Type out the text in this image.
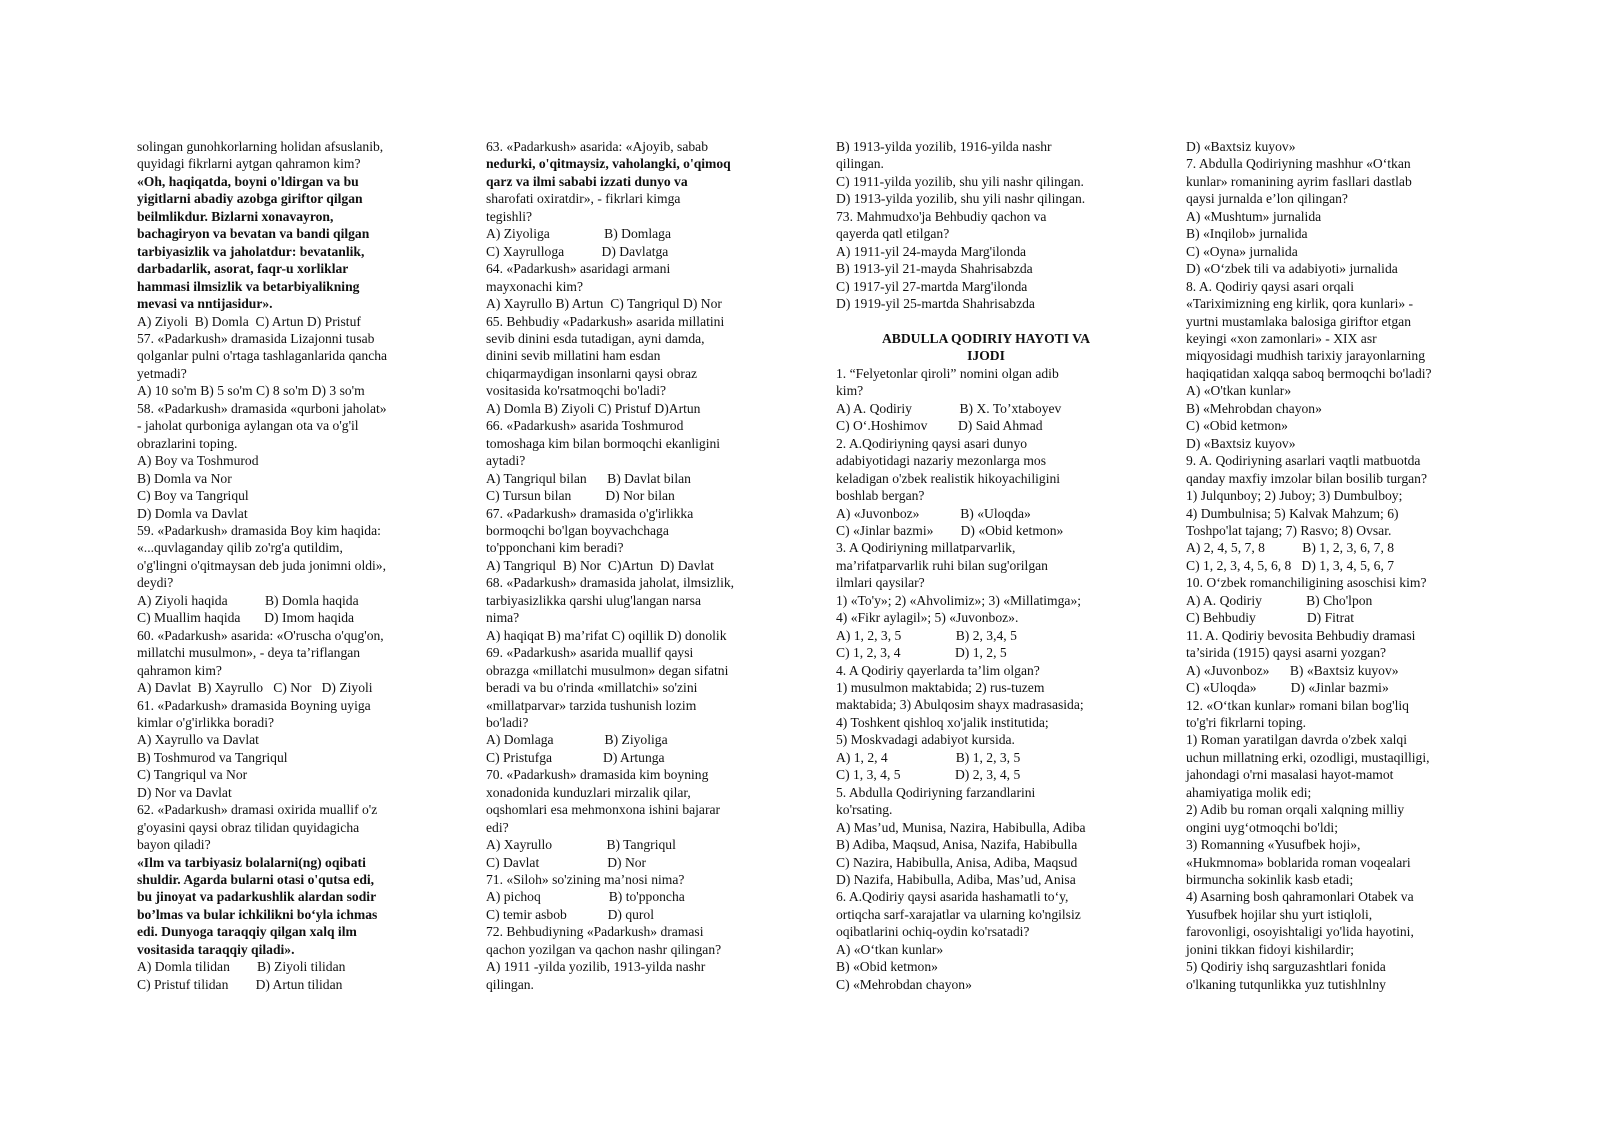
solingan gunohkorlarning holidan afsuslanib,

quyidagi fikrlarni aytgan qahramon kim?

«Oh, haqiqatda, boyni o'ldirgan va bu

yigitlarni abadiy azobga giriftor qilgan

beilmlikdur. Bizlarni xonavayron,

bachagiryon va bevatan va bandi qilgan

tarbiyasizlik va jaholatdur: bevatanlik,

darbadarlik, asorat, faqr-u xorliklar

hammasi ilmsizlik va betarbiyalikning

mevasi va nntijasidur».

A) Ziyoli  B) Domla  C) Artun D) Pristuf

57. «Padarkush» dramasida Lizajonni tusab

qolganlar pulni o'rtaga tashlaganlarida qancha

yetmadi?

A) 10 so'm B) 5 so'm C) 8 so'm D) 3 so'm

58. «Padarkush» dramasida «qurboni jaholat»

- jaholat qurboniga aylangan ota va o'g'il

obrazlarini toping.

A) Boy va Toshmurod

B) Domla va Nor

C) Boy va Tangriqul

D) Domla va Davlat

59. «Padarkush» dramasida Boy kim haqida:

«...quvlaganday qilib zo'rg'a qutildim,

o'g'lingni o'qitmaysan deb juda jonimni oldi»,

deydi?

A) Ziyoli haqida           B) Domla haqida

C) Muallim haqida       D) Imom haqida

60. «Padarkush» asarida: «O'ruscha o'qug'on,

millatchi musulmon», - deya ta’riflangan

qahramon kim?

A) Davlat  B) Xayrullo   C) Nor   D) Ziyoli

61. «Padarkush» dramasida Boyning uyiga

kimlar o'g'irlikka boradi?

A) Xayrullo va Davlat

B) Toshmurod va Tangriqul

C) Tangriqul va Nor

D) Nor va Davlat

62. «Padarkush» dramasi oxirida muallif o'z

g'oyasini qaysi obraz tilidan quyidagicha

bayon qiladi?

«Ilm va tarbiyasiz bolalarni(ng) oqibati

shuldir. Agarda bularni otasi o'qutsa edi,

bu jinoyat va padarkushlik alardan sodir

bo’lmas va bular ichkilikni bo‘yla ichmas

edi. Dunyoga taraqqiy qilgan xalq ilm

vositasida taraqqiy qiladi».

A) Domla tilidan        B) Ziyoli tilidan

C) Pristuf tilidan        D) Artun tilidan

63. «Padarkush» asarida: «Ajoyib, sabab

nedurki, o'qitmaysiz, vaholangki, o'qimoq

qarz va ilmi sababi izzati dunyo va

sharofati oxiratdir», - fikrlari kimga

tegishli?

A) Ziyoliga                B) Domlaga

C) Xayrulloga           D) Davlatga

64. «Padarkush» asaridagi armani

mayxonachi kim?

A) Xayrullo B) Artun  C) Tangriqul D) Nor

65. Behbudiy «Padarkush» asarida millatini

sevib dinini esda tutadigan, ayni damda,

dinini sevib millatini ham esdan

chiqarmaydigan insonlarni qaysi obraz

vositasida ko'rsatmoqchi bo'ladi?

A) Domla B) Ziyoli C) Pristuf D)Artun

66. «Padarkush» asarida Toshmurod

tomoshaga kim bilan bormoqchi ekanligini

aytadi?

A) Tangriqul bilan      B) Davlat bilan

C) Tursun bilan          D) Nor bilan

67. «Padarkush» dramasida o'g'irlikka

bormoqchi bo'lgan boyvachchaga

to'pponchani kim beradi?

A) Tangriqul  B) Nor  C)Artun  D) Davlat

68. «Padarkush» dramasida jaholat, ilmsizlik,

tarbiyasizlikka qarshi ulug'langan narsa

nima?

A) haqiqat B) ma’rifat C) oqillik D) donolik

69. «Padarkush» asarida muallif qaysi

obrazga «millatchi musulmon» degan sifatni

beradi va bu o'rinda «millatchi» so'zini

«millatparvar» tarzida tushunish lozim

bo'ladi?

A) Domlaga               B) Ziyoliga

C) Pristufga               D) Artunga

70. «Padarkush» dramasida kim boyning

xonadonida kunduzlari mirzalik qilar,

oqshomlari esa mehmonxona ishini bajarar

edi?

A) Xayrullo                B) Tangriqul

C) Davlat                    D) Nor

71. «Siloh» so'zining ma’nosi nima?

A) pichoq                    B) to'pponcha

C) temir asbob            D) qurol

72. Behbudiyning «Padarkush» dramasi

qachon yozilgan va qachon nashr qilingan?

A) 1911 -yilda yozilib, 1913-yilda nashr

qilingan.

B) 1913-yilda yozilib, 1916-yilda nashr

qilingan.

C) 1911-yilda yozilib, shu yili nashr qilingan.

D) 1913-yilda yozilib, shu yili nashr qilingan.

73. Mahmudxo'ja Behbudiy qachon va

qayerda qatl etilgan?

A) 1911-yil 24-mayda Marg'ilonda

B) 1913-yil 21-mayda Shahrisabzda

C) 1917-yil 27-martda Marg'ilonda

D) 1919-yil 25-martda Shahrisabzda

ABDULLA QODIRIY HAYOTI VA

IJODI

1. “Felyetonlar qiroli” nomini olgan adib

kim?

A) A. Qodiriy              B) X. To’xtaboyev

C) O‘.Hoshimov         D) Said Ahmad

2. A.Qodiriyning qaysi asari dunyo

adabiyotidagi nazariy mezonlarga mos

keladigan o'zbek realistik hikoyachiligini

boshlab bergan?

A) «Juvonboz»            B) «Uloqda»

C) «Jinlar bazmi»        D) «Obid ketmon»

3. A Qodiriyning millatparvarlik,

ma’rifatparvarlik ruhi bilan sug'orilgan

ilmlari qaysilar?

1) «To'y»; 2) «Ahvolimiz»; 3) «Millatimga»;

4) «Fikr aylagil»; 5) «Juvonboz».

A) 1, 2, 3, 5                B) 2, 3,4, 5

C) 1, 2, 3, 4                D) 1, 2, 5

4. A Qodiriy qayerlarda ta’lim olgan?

1) musulmon maktabida; 2) rus-tuzem

maktabida; 3) Abulqosim shayx madrasasida;

4) Toshkent qishloq xo'jalik institutida;

5) Moskvadagi adabiyot kursida.

A) 1, 2, 4                    B) 1, 2, 3, 5

C) 1, 3, 4, 5                D) 2, 3, 4, 5

5. Abdulla Qodiriyning farzandlarini

ko'rsating.

A) Mas’ud, Munisa, Nazira, Habibulla, Adiba

B) Adiba, Maqsud, Anisa, Nazifa, Habibulla

C) Nazira, Habibulla, Anisa, Adiba, Maqsud

D) Nazifa, Habibulla, Adiba, Mas’ud, Anisa

6. A.Qodiriy qaysi asarida hashamatli to‘y,

ortiqcha sarf-xarajatlar va ularning ko'ngilsiz

oqibatlarini ochiq-oydin ko'rsatadi?

A) «O‘tkan kunlar»

B) «Obid ketmon»

C) «Mehrobdan chayon»

D) «Baxtsiz kuyov»

7. Abdulla Qodiriyning mashhur «O‘tkan

kunlar» romanining ayrim fasllari dastlab

qaysi jurnalda e’lon qilingan?

A) «Mushtum» jurnalida

B) «Inqilob» jurnalida

C) «Oyna» jurnalida

D) «O‘zbek tili va adabiyoti» jurnalida

8. A. Qodiriy qaysi asari orqali

«Tariximizning eng kirlik, qora kunlari» -

yurtni mustamlaka balosiga giriftor etgan

keyingi «xon zamonlari» - XIX asr

miqyosidagi mudhish tarixiy jarayonlarning

haqiqatidan xalqqa saboq bermoqchi bo'ladi?

A) «O'tkan kunlar»

B) «Mehrobdan chayon»

C) «Obid ketmon»

D) «Baxtsiz kuyov»

9. A. Qodiriyning asarlari vaqtli matbuotda

qanday maxfiy imzolar bilan bosilib turgan?

1) Julqunboy; 2) Juboy; 3) Dumbulboy;

4) Dumbulnisa; 5) Kalvak Mahzum; 6)

Toshpo'lat tajang; 7) Rasvo; 8) Ovsar.

A) 2, 4, 5, 7, 8           B) 1, 2, 3, 6, 7, 8

C) 1, 2, 3, 4, 5, 6, 8   D) 1, 3, 4, 5, 6, 7

10. O‘zbek romanchiligining asoschisi kim?

A) A. Qodiriy             B) Cho'lpon

C) Behbudiy               D) Fitrat

11. A. Qodiriy bevosita Behbudiy dramasi

ta’sirida (1915) qaysi asarni yozgan?

A) «Juvonboz»      B) «Baxtsiz kuyov»

C) «Uloqda»          D) «Jinlar bazmi»

12. «O‘tkan kunlar» romani bilan bog'liq

to'g'ri fikrlarni toping.

1) Roman yaratilgan davrda o'zbek xalqi

uchun millatning erki, ozodligi, mustaqilligi,

jahondagi o'rni masalasi hayot-mamot

ahamiyatiga molik edi;

2) Adib bu roman orqali xalqning milliy

ongini uyg‘otmoqchi bo'ldi;

3) Romanning «Yusufbek hoji»,

«Hukmnoma» boblarida roman voqealari

birmuncha sokinlik kasb etadi;

4) Asarning bosh qahramonlari Otabek va

Yusufbek hojilar shu yurt istiqloli,

farovonligi, osoyishtaligi yo'lida hayotini,

jonini tikkan fidoyi kishilardir;

5) Qodiriy ishq sarguzashtlari fonida

o'lkaning tutqunlikka yuz tutishlnlny
